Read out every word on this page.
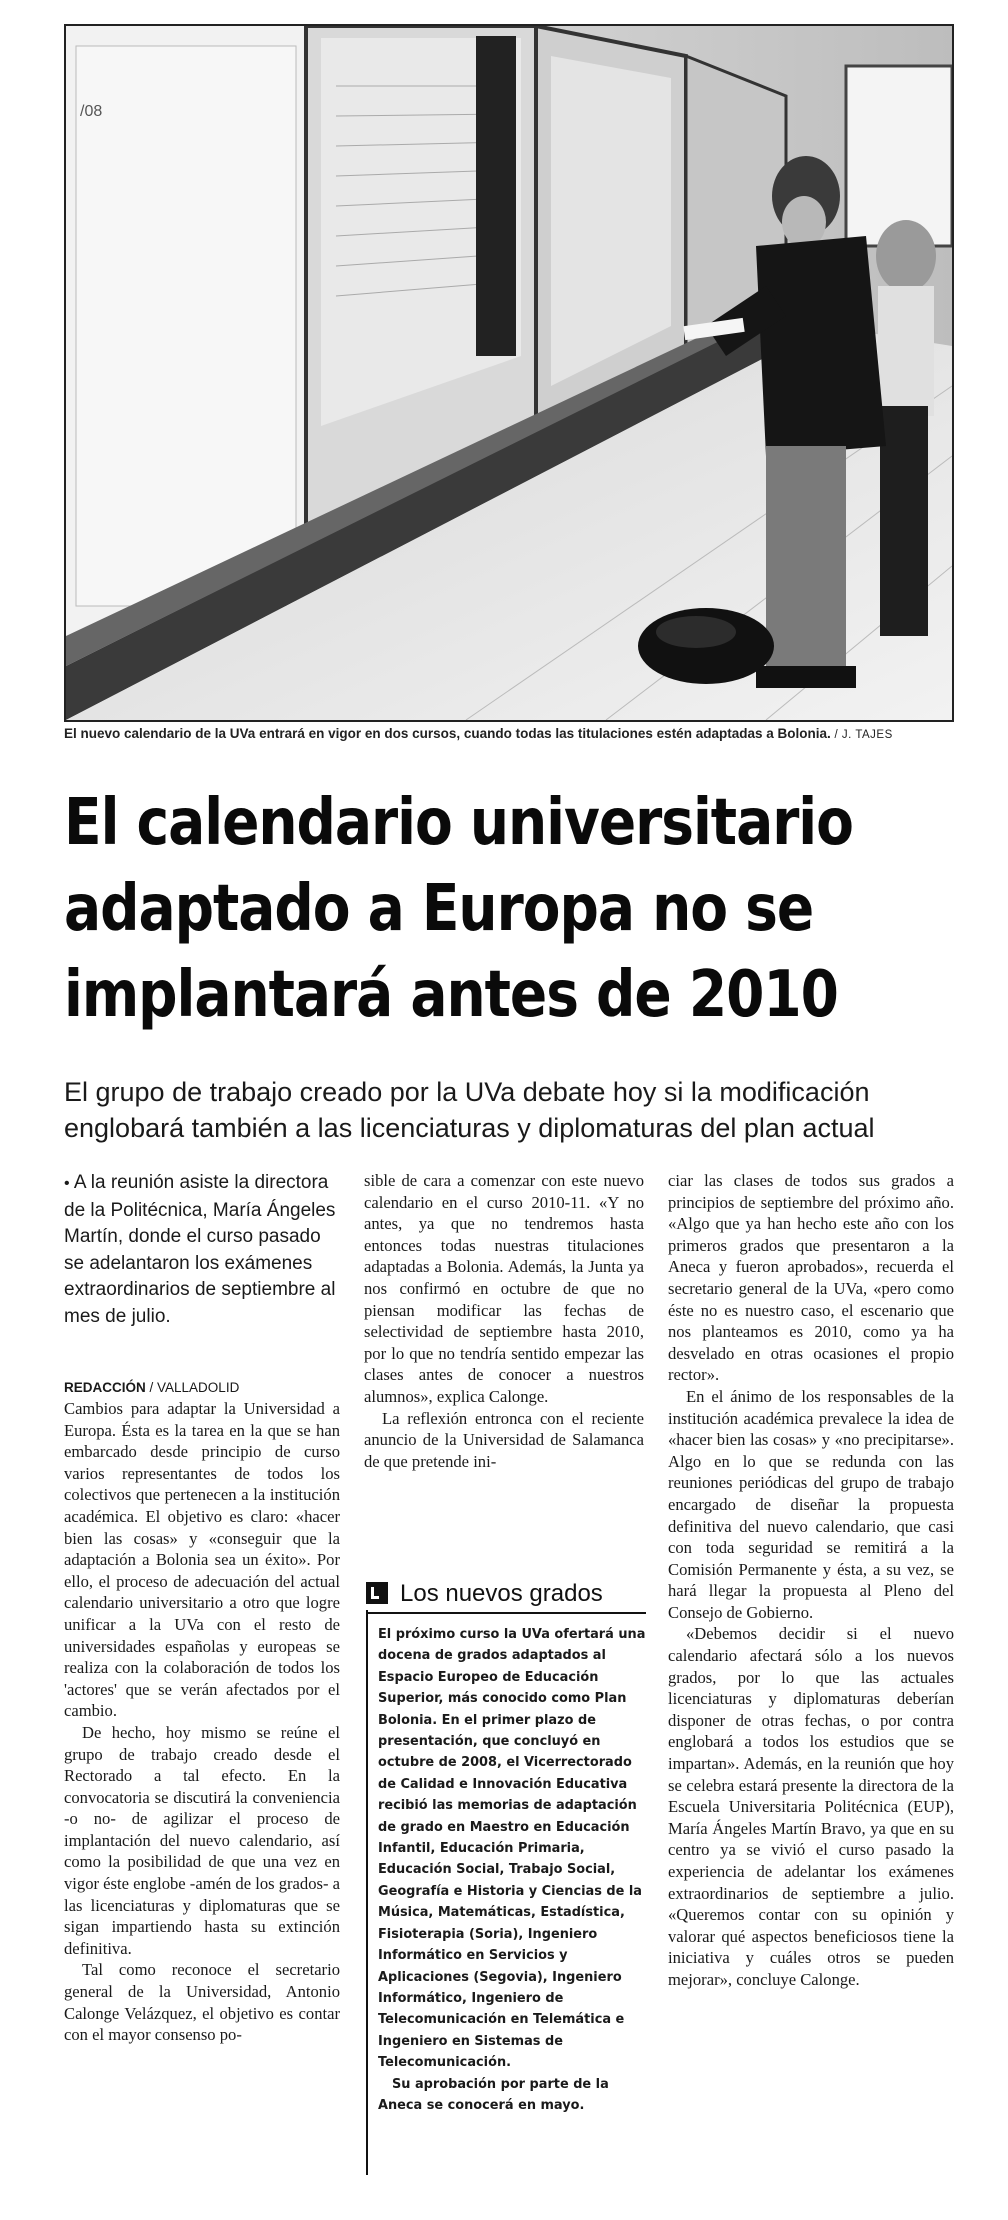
/08
El nuevo calendario de la UVa entrará en vigor en dos cursos, cuando todas las titulaciones estén adaptadas a Bolonia. / J. TAJES
El calendario universitario
adaptado a Europa no se
implantará antes de 2010
El grupo de trabajo creado por la UVa debate hoy si la modificación englobará también a las licenciaturas y diplomaturas del plan actual
• A la reunión asiste la directora de la Politécnica, María Ángeles Martín, donde el curso pasado se adelantaron los exámenes extraordinarios de septiembre al mes de julio.
REDACCIÓN / VALLADOLID

Cambios para adaptar la Universidad a Europa. Ésta es la tarea en la que se han embarcado desde principio de curso varios representantes de todos los colectivos que pertenecen a la institución académica. El objetivo es claro: «hacer bien las cosas» y «conseguir que la adaptación a Bolonia sea un éxito». Por ello, el proceso de adecuación del actual calendario universitario a otro que logre unificar a la UVa con el resto de universidades españolas y europeas se realiza con la colaboración de todos los 'actores' que se verán afectados por el cambio.

De hecho, hoy mismo se reúne el grupo de trabajo creado desde el Rectorado a tal efecto. En la convocatoria se discutirá la conveniencia -o no- de agilizar el proceso de implantación del nuevo calendario, así como la posibilidad de que una vez en vigor éste englobe -amén de los grados- a las licenciaturas y diplomaturas que se sigan impartiendo hasta su extinción definitiva.

Tal como reconoce el secretario general de la Universidad, Antonio Calonge Velázquez, el objetivo es contar con el mayor consenso po-

sible de cara a comenzar con este nuevo calendario en el curso 2010-11. «Y no antes, ya que no tendremos hasta entonces todas nuestras titulaciones adaptadas a Bolonia. Además, la Junta ya nos confirmó en octubre de que no piensan modificar las fechas de selectividad de septiembre hasta 2010, por lo que no tendría sentido empezar las clases antes de conocer a nuestros alumnos», explica Calonge.

La reflexión entronca con el reciente anuncio de la Universidad de Salamanca de que pretende ini-

Los nuevos grados

El próximo curso la UVa ofertará una docena de grados adaptados al Espacio Europeo de Educación Superior, más conocido como Plan Bolonia. En el primer plazo de presentación, que concluyó en octubre de 2008, el Vicerrectorado de Calidad e Innovación Educativa recibió las memorias de adaptación de grado en Maestro en Educación Infantil, Educación Primaria, Educación Social, Trabajo Social, Geografía e Historia y Ciencias de la Música, Matemáticas, Estadística, Fisioterapia (Soria), Ingeniero Informático en Servicios y Aplicaciones (Segovia), Ingeniero Informático, Ingeniero de Telecomunicación en Telemática e Ingeniero en Sistemas de Telecomunicación.

Su aprobación por parte de la Aneca se conocerá en mayo.

ciar las clases de todos sus grados a principios de septiembre del próximo año. «Algo que ya han hecho este año con los primeros grados que presentaron a la Aneca y fueron aprobados», recuerda el secretario general de la UVa, «pero como éste no es nuestro caso, el escenario que nos planteamos es 2010, como ya ha desvelado en otras ocasiones el propio rector».

En el ánimo de los responsables de la institución académica prevalece la idea de «hacer bien las cosas» y «no precipitarse». Algo en lo que se redunda con las reuniones periódicas del grupo de trabajo encargado de diseñar la propuesta definitiva del nuevo calendario, que casi con toda seguridad se remitirá a la Comisión Permanente y ésta, a su vez, se hará llegar la propuesta al Pleno del Consejo de Gobierno.

«Debemos decidir si el nuevo calendario afectará sólo a los nuevos grados, por lo que las actuales licenciaturas y diplomaturas deberían disponer de otras fechas, o por contra englobará a todos los estudios que se impartan». Además, en la reunión que hoy se celebra estará presente la directora de la Escuela Universitaria Politécnica (EUP), María Ángeles Martín Bravo, ya que en su centro ya se vivió el curso pasado la experiencia de adelantar los exámenes extraordinarios de septiembre a julio. «Queremos contar con su opinión y valorar qué aspectos beneficiosos tiene la iniciativa y cuáles otros se pueden mejorar», concluye Calonge.
